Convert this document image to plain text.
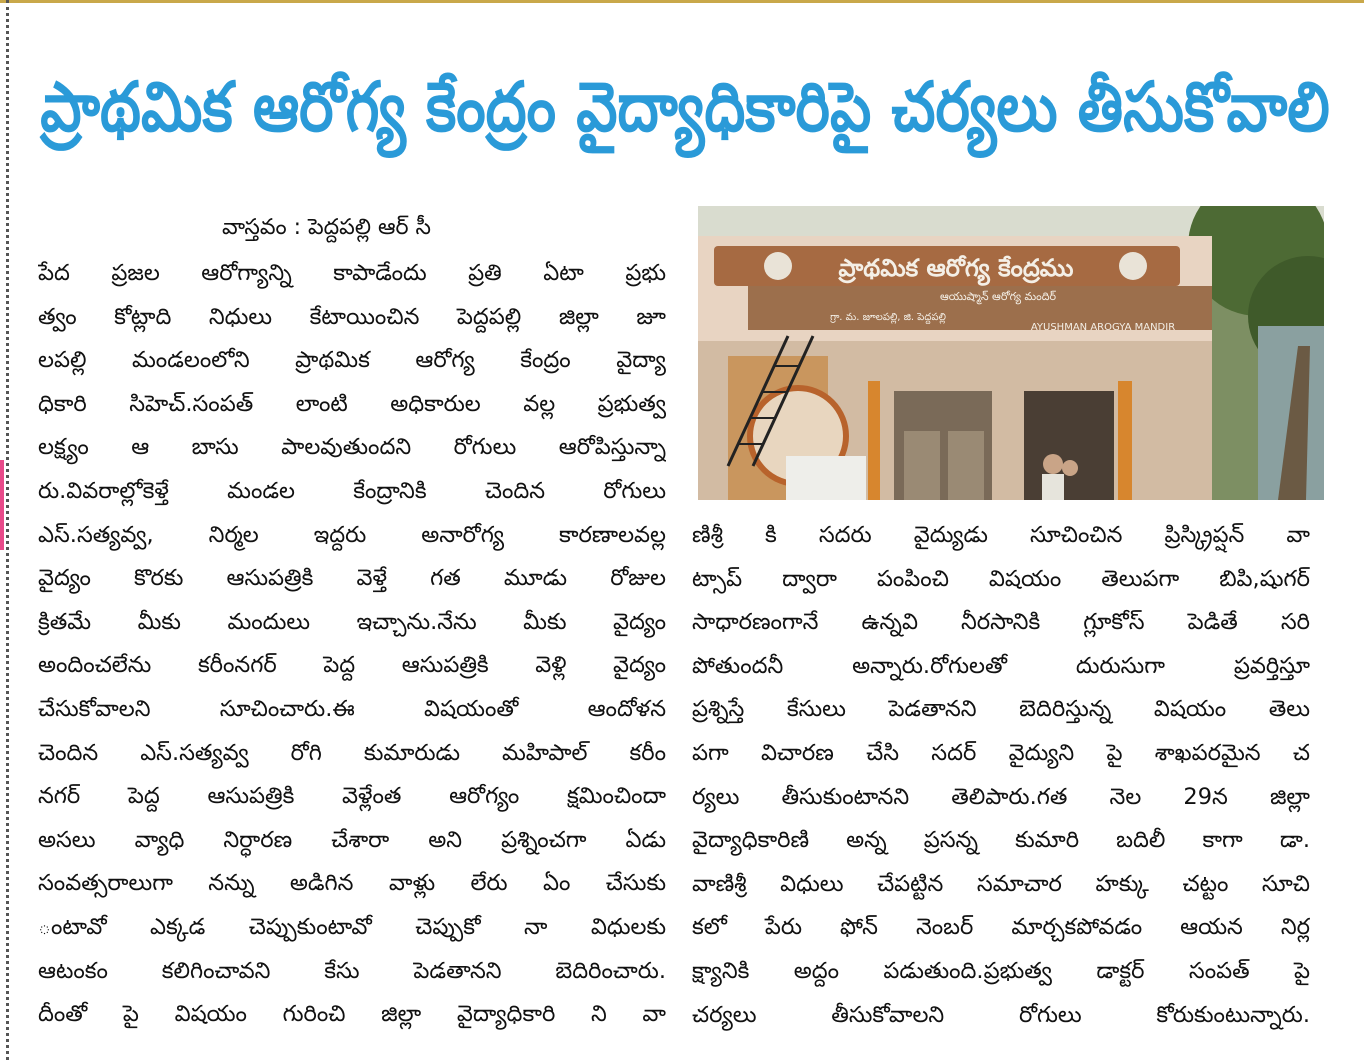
ప్రాథమిక ఆరోగ్య కేంద్రం వైద్యాధికారిపై చర్యలు తీసుకోవాలి
వాస్తవం : పెద్దపల్లి ఆర్ సీ
పేద ప్రజల ఆరోగ్యాన్ని కాపాడేందు ప్రతి ఏటా ప్రభు
త్వం కోట్లాది నిధులు కేటాయించిన పెద్దపల్లి జిల్లా జూ
లపల్లి మండలంలోని ప్రాథమిక ఆరోగ్య కేంద్రం వైద్యా
ధికారి సిహెచ్.సంపత్ లాంటి అధికారుల వల్ల ప్రభుత్వ
లక్ష్యం ఆ బాసు పాలవుతుందని రోగులు ఆరోపిస్తున్నా
రు.వివరాల్లోకెళ్తే మండల కేంద్రానికి చెందిన రోగులు
ఎస్.సత్యవ్వ, నిర్మల ఇద్దరు అనారోగ్య కారణాలవల్ల
వైద్యం కొరకు ఆసుపత్రికి వెళ్తే గత మూడు రోజుల
క్రితమే మీకు మందులు ఇచ్చాను.నేను మీకు వైద్యం
అందించలేను కరీంనగర్ పెద్ద ఆసుపత్రికి వెళ్లి వైద్యం
చేసుకోవాలని సూచించారు.ఈ విషయంతో ఆందోళన
చెందిన ఎస్.సత్యవ్వ రోగి కుమారుడు మహిపాల్ కరీం
నగర్ పెద్ద ఆసుపత్రికి వెళ్లేంత ఆరోగ్యం క్షమించిందా
అసలు వ్యాధి నిర్ధారణ చేశారా అని ప్రశ్నించగా ఏడు
సంవత్సరాలుగా నన్ను అడిగిన వాళ్లు లేరు ఏం చేసుకు
ంటావో ఎక్కడ చెప్పుకుంటావో చెప్పుకో నా విధులకు
ఆటంకం కలిగించావని కేసు పెడతానని బెదిరించారు.
దీంతో పై విషయం గురించి జిల్లా వైద్యాధికారి ని వా
ప్రాథమిక ఆరోగ్య కేంద్రము
ఆయుష్మాన్ ఆరోగ్య మందిర్
గ్రా. మ. జూలపల్లి, జి. పెద్దపల్లి
AYUSHMAN AROGYA MANDIR
ణిశ్రీ కి సదరు వైద్యుడు సూచించిన ప్రిస్క్రిప్షన్ వా
ట్సాప్ ద్వారా పంపించి విషయం తెలుపగా బిపి,షుగర్
సాధారణంగానే ఉన్నవి నీరసానికి గ్లూకోస్ పెడితే సరి
పోతుందనీ అన్నారు.రోగులతో దురుసుగా ప్రవర్తిస్తూ
ప్రశ్నిస్తే కేసులు పెడతానని బెదిరిస్తున్న విషయం తెలు
పగా విచారణ చేసి సదర్ వైద్యుని పై శాఖపరమైన చ
ర్యలు తీసుకుంటానని తెలిపారు.గత నెల 29న జిల్లా
వైద్యాధికారిణి అన్న ప్రసన్న కుమారి బదిలీ కాగా డా.
వాణిశ్రీ విధులు చేపట్టిన సమాచార హక్కు చట్టం సూచి
కలో పేరు ఫోన్ నెంబర్ మార్చకపోవడం ఆయన నిర్ల
క్ష్యానికి అద్దం పడుతుంది.ప్రభుత్వ డాక్టర్ సంపత్ పై
చర్యలు తీసుకోవాలని రోగులు కోరుకుంటున్నారు.
